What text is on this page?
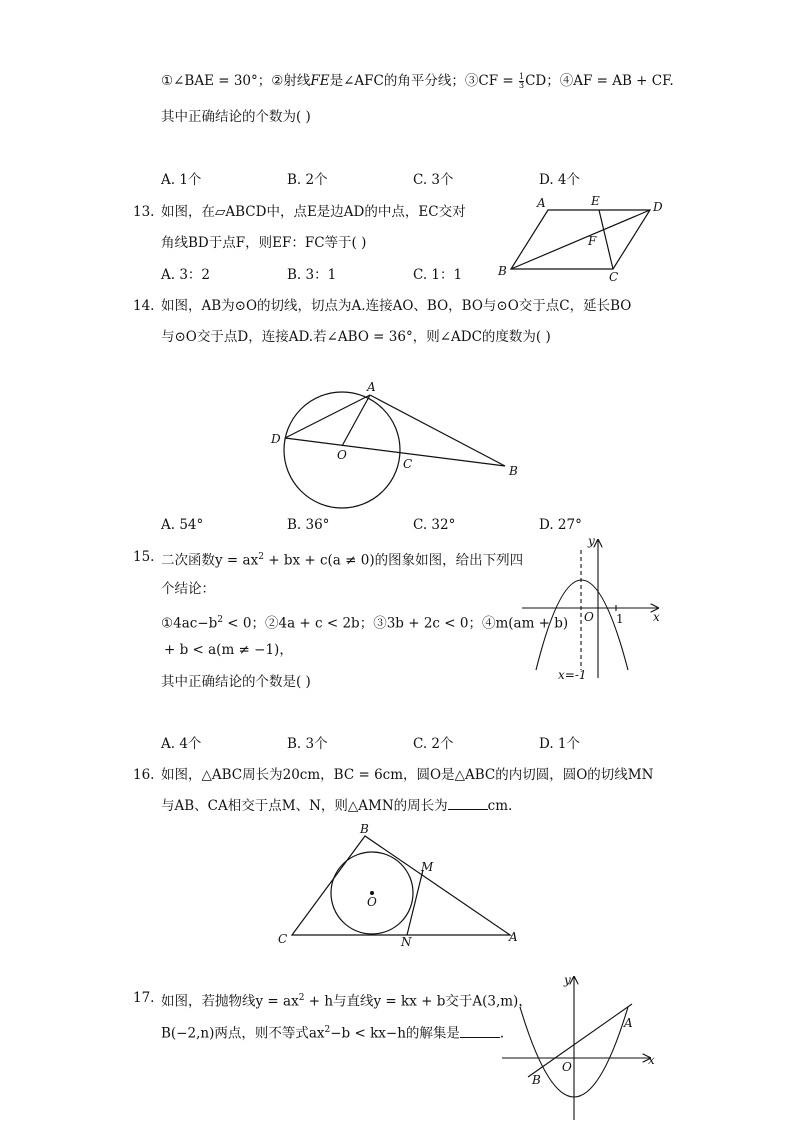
①∠BAE = 30°；②射线FE是∠AFC的角平分线；③CF = $\frac{1}{3}$ CD；④AF = AB + CF.
其中正确结论的个数为( )
A. 1个	B. 2个	C. 3个	D. 4个
13. 如图，在▱ABCD中，点E是边AD的中点，EC交对
角线BD于点F，则EF：FC等于( )
A. 3：2	B. 3：1	C. 1：1
A	E	D
F
B	C
14. 如图，AB为⊙O的切线，切点为A.连接AO、BO，BO与⊙O交于点C，延长BO
与⊙O交于点D，连接AD.若∠ABO = 36°，则∠ADC的度数为( )
A
D
O
C	B
A. 54°	B. 36°	C. 32°	D. 27°
15. 二次函数$y = ax^2$ + bx + c(a ≠ 0)的图象如图，给出下列四
个结论：
$①4ac-b^2 < 0$；②4a + c < 2b；③3b + 2c < 0；④m(am + b)
+ b < a(m ≠ −1)，
其中正确结论的个数是( )
y
x
O 1
x=-1
A. 4个	B. 3个	C. 2个	D. 1个
16. 如图，△ABC周长为20cm，BC = 6cm，圆O是△ABC的内切圆，圆O的切线MN
与AB、CA相交于点M、N，则△AMN的周长为	cm.
B
M
O
C	N	A
17. 如图，若抛物线$y = ax^2 + h$与直线y = kx + b交于A(3,m)，
B(−2,n)两点，则不等式$ax^2-b < kx-h$的解集是	.
y
x
O
A
B
